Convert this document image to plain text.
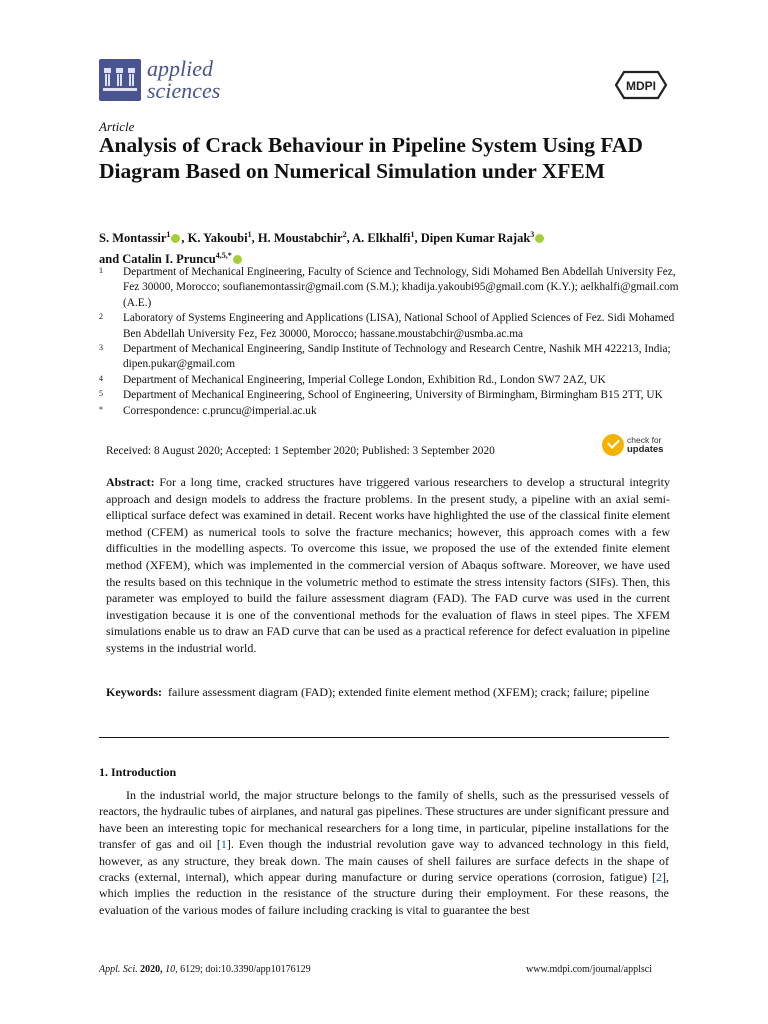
applied
sciences	MDPI
Article
Analysis of Crack Behaviour in Pipeline System Using FAD Diagram Based on Numerical Simulation under XFEM
S. Montassir$^1$ , K. Yakoubi$^1$, H. Moustabchir$^2$, A. Elkhalfi$^1$, Dipen Kumar Rajak$^3$
and Catalin I. Pruncu$^{4,5,*}$
1	Department of Mechanical Engineering, Faculty of Science and Technology, Sidi Mohamed Ben Abdellah University Fez, Fez 30000, Morocco; soufianemontassir@gmail.com (S.M.); khadija.yakoubi95@gmail.com (K.Y.); aelkhalfi@gmail.com (A.E.)
2	Laboratory of Systems Engineering and Applications (LISA), National School of Applied Sciences of Fez. Sidi Mohamed Ben Abdellah University Fez, Fez 30000, Morocco; hassane.moustabchir@usmba.ac.ma
3	Department of Mechanical Engineering, Sandip Institute of Technology and Research Centre, Nashik MH 422213, India; dipen.pukar@gmail.com
4	Department of Mechanical Engineering, Imperial College London, Exhibition Rd., London SW7 2AZ, UK
5	Department of Mechanical Engineering, School of Engineering, University of Birmingham, Birmingham B15 2TT, UK
*	Correspondence: c.pruncu@imperial.ac.uk
Received: 8 August 2020; Accepted: 1 September 2020; Published: 3 September 2020
check for
updates

Abstract: For a long time, cracked structures have triggered various researchers to develop a structural integrity approach and design models to address the fracture problems. In the present study, a pipeline with an axial semi-elliptical surface defect was examined in detail. Recent works have highlighted the use of the classical finite element method (CFEM) as numerical tools to solve the fracture mechanics; however, this approach comes with a few difficulties in the modelling aspects. To overcome this issue, we proposed the use of the extended finite element method (XFEM), which was implemented in the commercial version of Abaqus software. Moreover, we have used the results based on this technique in the volumetric method to estimate the stress intensity factors (SIFs). Then, this parameter was employed to build the failure assessment diagram (FAD). The FAD curve was used in the current investigation because it is one of the conventional methods for the evaluation of flaws in steel pipes. The XFEM simulations enable us to draw an FAD curve that can be used as a practical reference for defect evaluation in pipeline systems in the industrial world.

Keywords: failure assessment diagram (FAD); extended finite element method (XFEM); crack; failure; pipeline

1. Introduction

In the industrial world, the major structure belongs to the family of shells, such as the pressurised vessels of reactors, the hydraulic tubes of airplanes, and natural gas pipelines. These structures are under significant pressure and have been an interesting topic for mechanical researchers for a long time, in particular, pipeline installations for the transfer of gas and oil [1]. Even though the industrial revolution gave way to advanced technology in this field, however, as any structure, they break down. The main causes of shell failures are surface defects in the shape of cracks (external, internal), which appear during manufacture or during service operations (corrosion, fatigue) [2], which implies the reduction in the resistance of the structure during their employment. For these reasons, the evaluation of the various modes of failure including cracking is vital to guarantee the best

Appl. Sci. 2020, 10, 6129; doi:10.3390/app10176129	www.mdpi.com/journal/applsci
